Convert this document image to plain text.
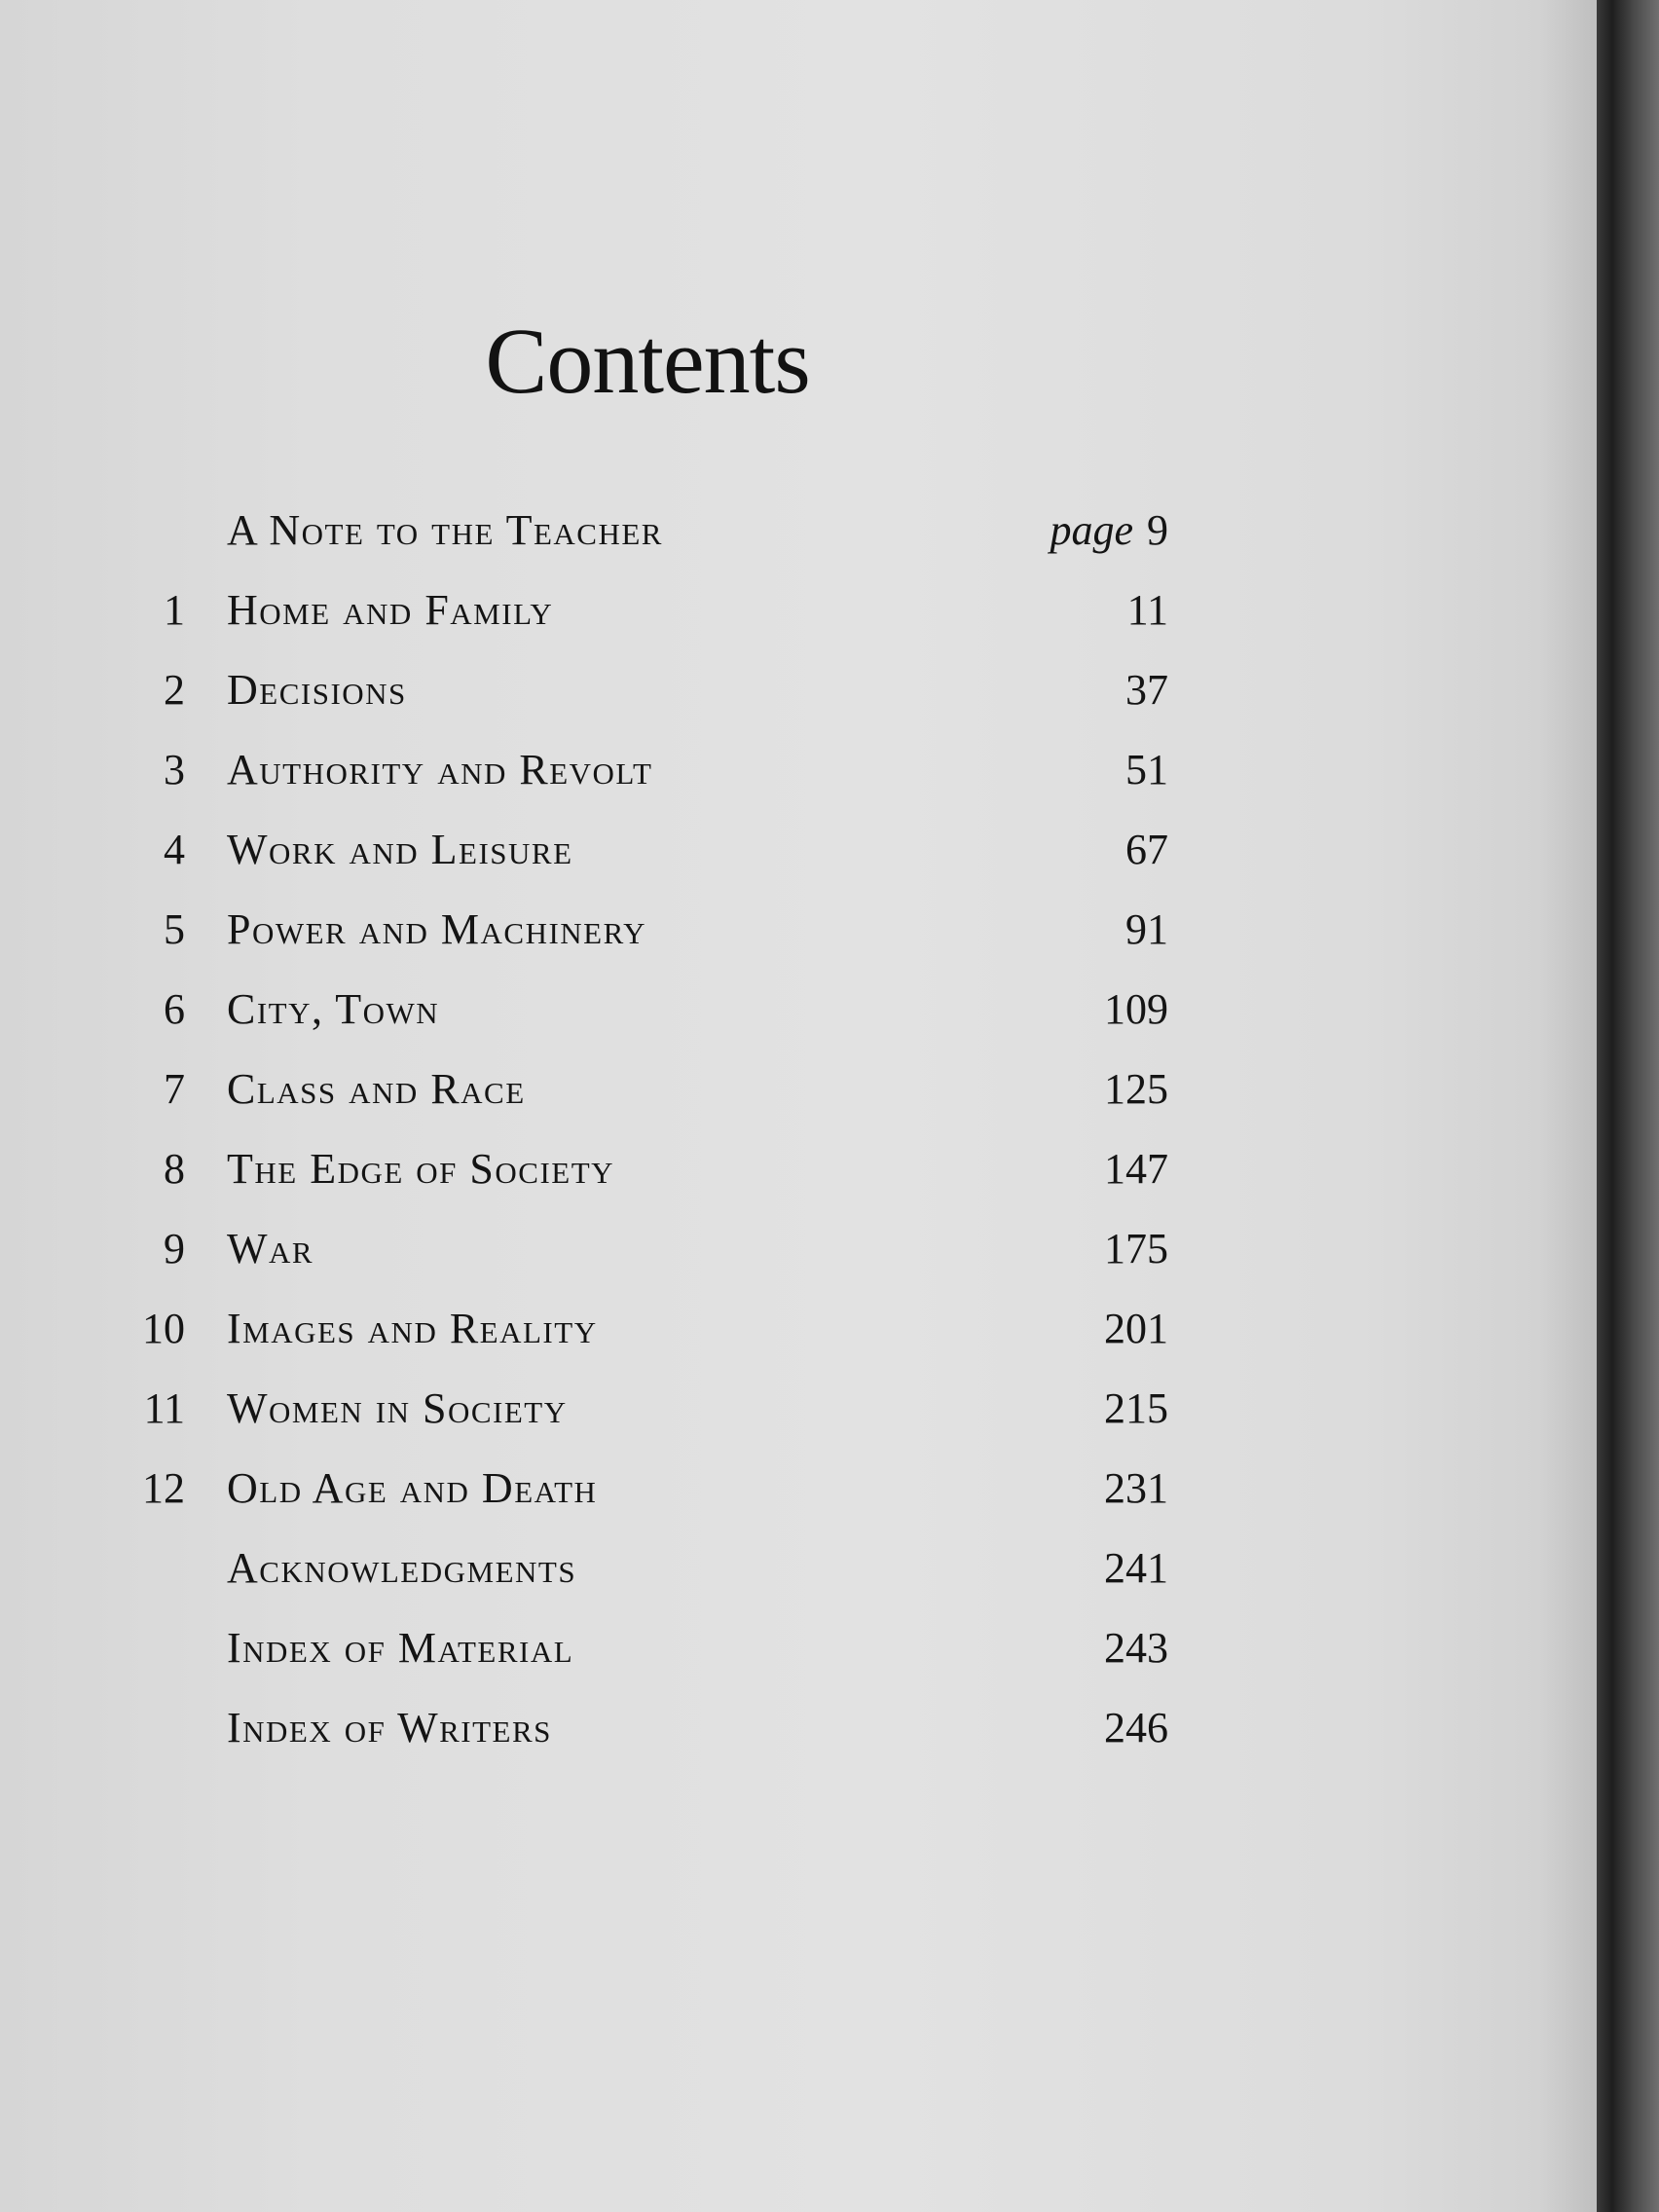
Contents
A Note to the Teacher	page 9
1 Home and Family	11
2 Decisions	37
3 Authority and Revolt	51
4 Work and Leisure	67
5 Power and Machinery	91
6 City, Town	109
7 Class and Race	125
8 The Edge of Society	147
9 War	175
10 Images and Reality	201
11 Women in Society	215
12 Old Age and Death	231
Acknowledgments	241
Index of Material	243
Index of Writers	246
